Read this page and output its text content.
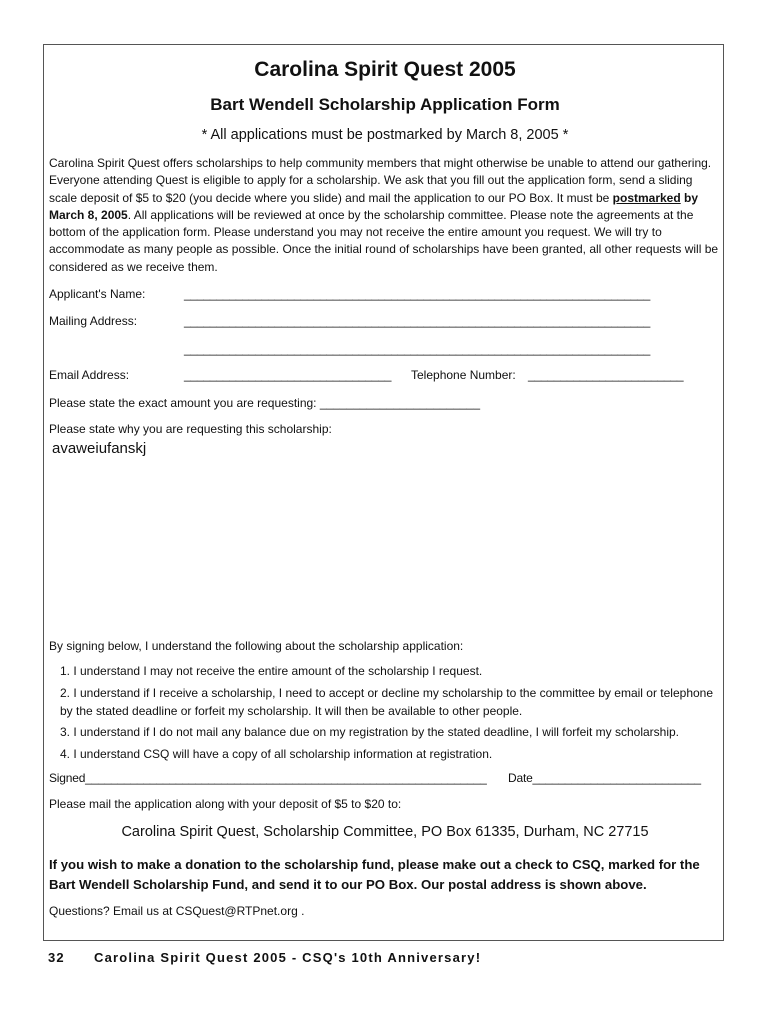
Carolina Spirit Quest 2005
Bart Wendell Scholarship Application Form
* All applications must be postmarked by March 8, 2005 *
Carolina Spirit Quest offers scholarships to help community members that might otherwise be unable to attend our gathering. Everyone attending Quest is eligible to apply for a scholarship. We ask that you fill out the application form, send a sliding scale deposit of $5 to $20 (you decide where you slide) and mail the application to our PO Box. It must be postmarked by March 8, 2005. All applications will be reviewed at once by the scholarship committee. Please note the agreements at the bottom of the application form. Please understand you may not receive the entire amount you request. We will try to accommodate as many people as possible. Once the initial round of scholarships have been granted, all other requests will be considered as we receive them.
Applicant's Name:	________________________________________________________________________
Mailing Address:	________________________________________________________________________
________________________________________________________________________
Email Address:	________________________________ Telephone Number: ________________________
Please state the exact amount you are requesting: ________________________
Please state why you are requesting this scholarship:
avaweiufanskj
By signing below, I understand the following about the scholarship application:
1. I understand I may not receive the entire amount of the scholarship I request.
2. I understand if I receive a scholarship, I need to accept or decline my scholarship to the committee by email or telephone by the stated deadline or forfeit my scholarship. It will then be available to other people.
3. I understand if I do not mail any balance due on my registration by the stated deadline, I will forfeit my scholarship.
4. I understand CSQ will have a copy of all scholarship information at registration.
Signed______________________________________________________________ Date__________________________
Please mail the application along with your deposit of $5 to $20 to:
Carolina Spirit Quest, Scholarship Committee, PO Box 61335, Durham, NC 27715
If you wish to make a donation to the scholarship fund, please make out a check to CSQ, marked for the Bart Wendell Scholarship Fund, and send it to our PO Box. Our postal address is shown above.
Questions? Email us at CSQuest@RTPnet.org .
32 Carolina Spirit Quest 2005 - CSQ's 10th Anniversary!
